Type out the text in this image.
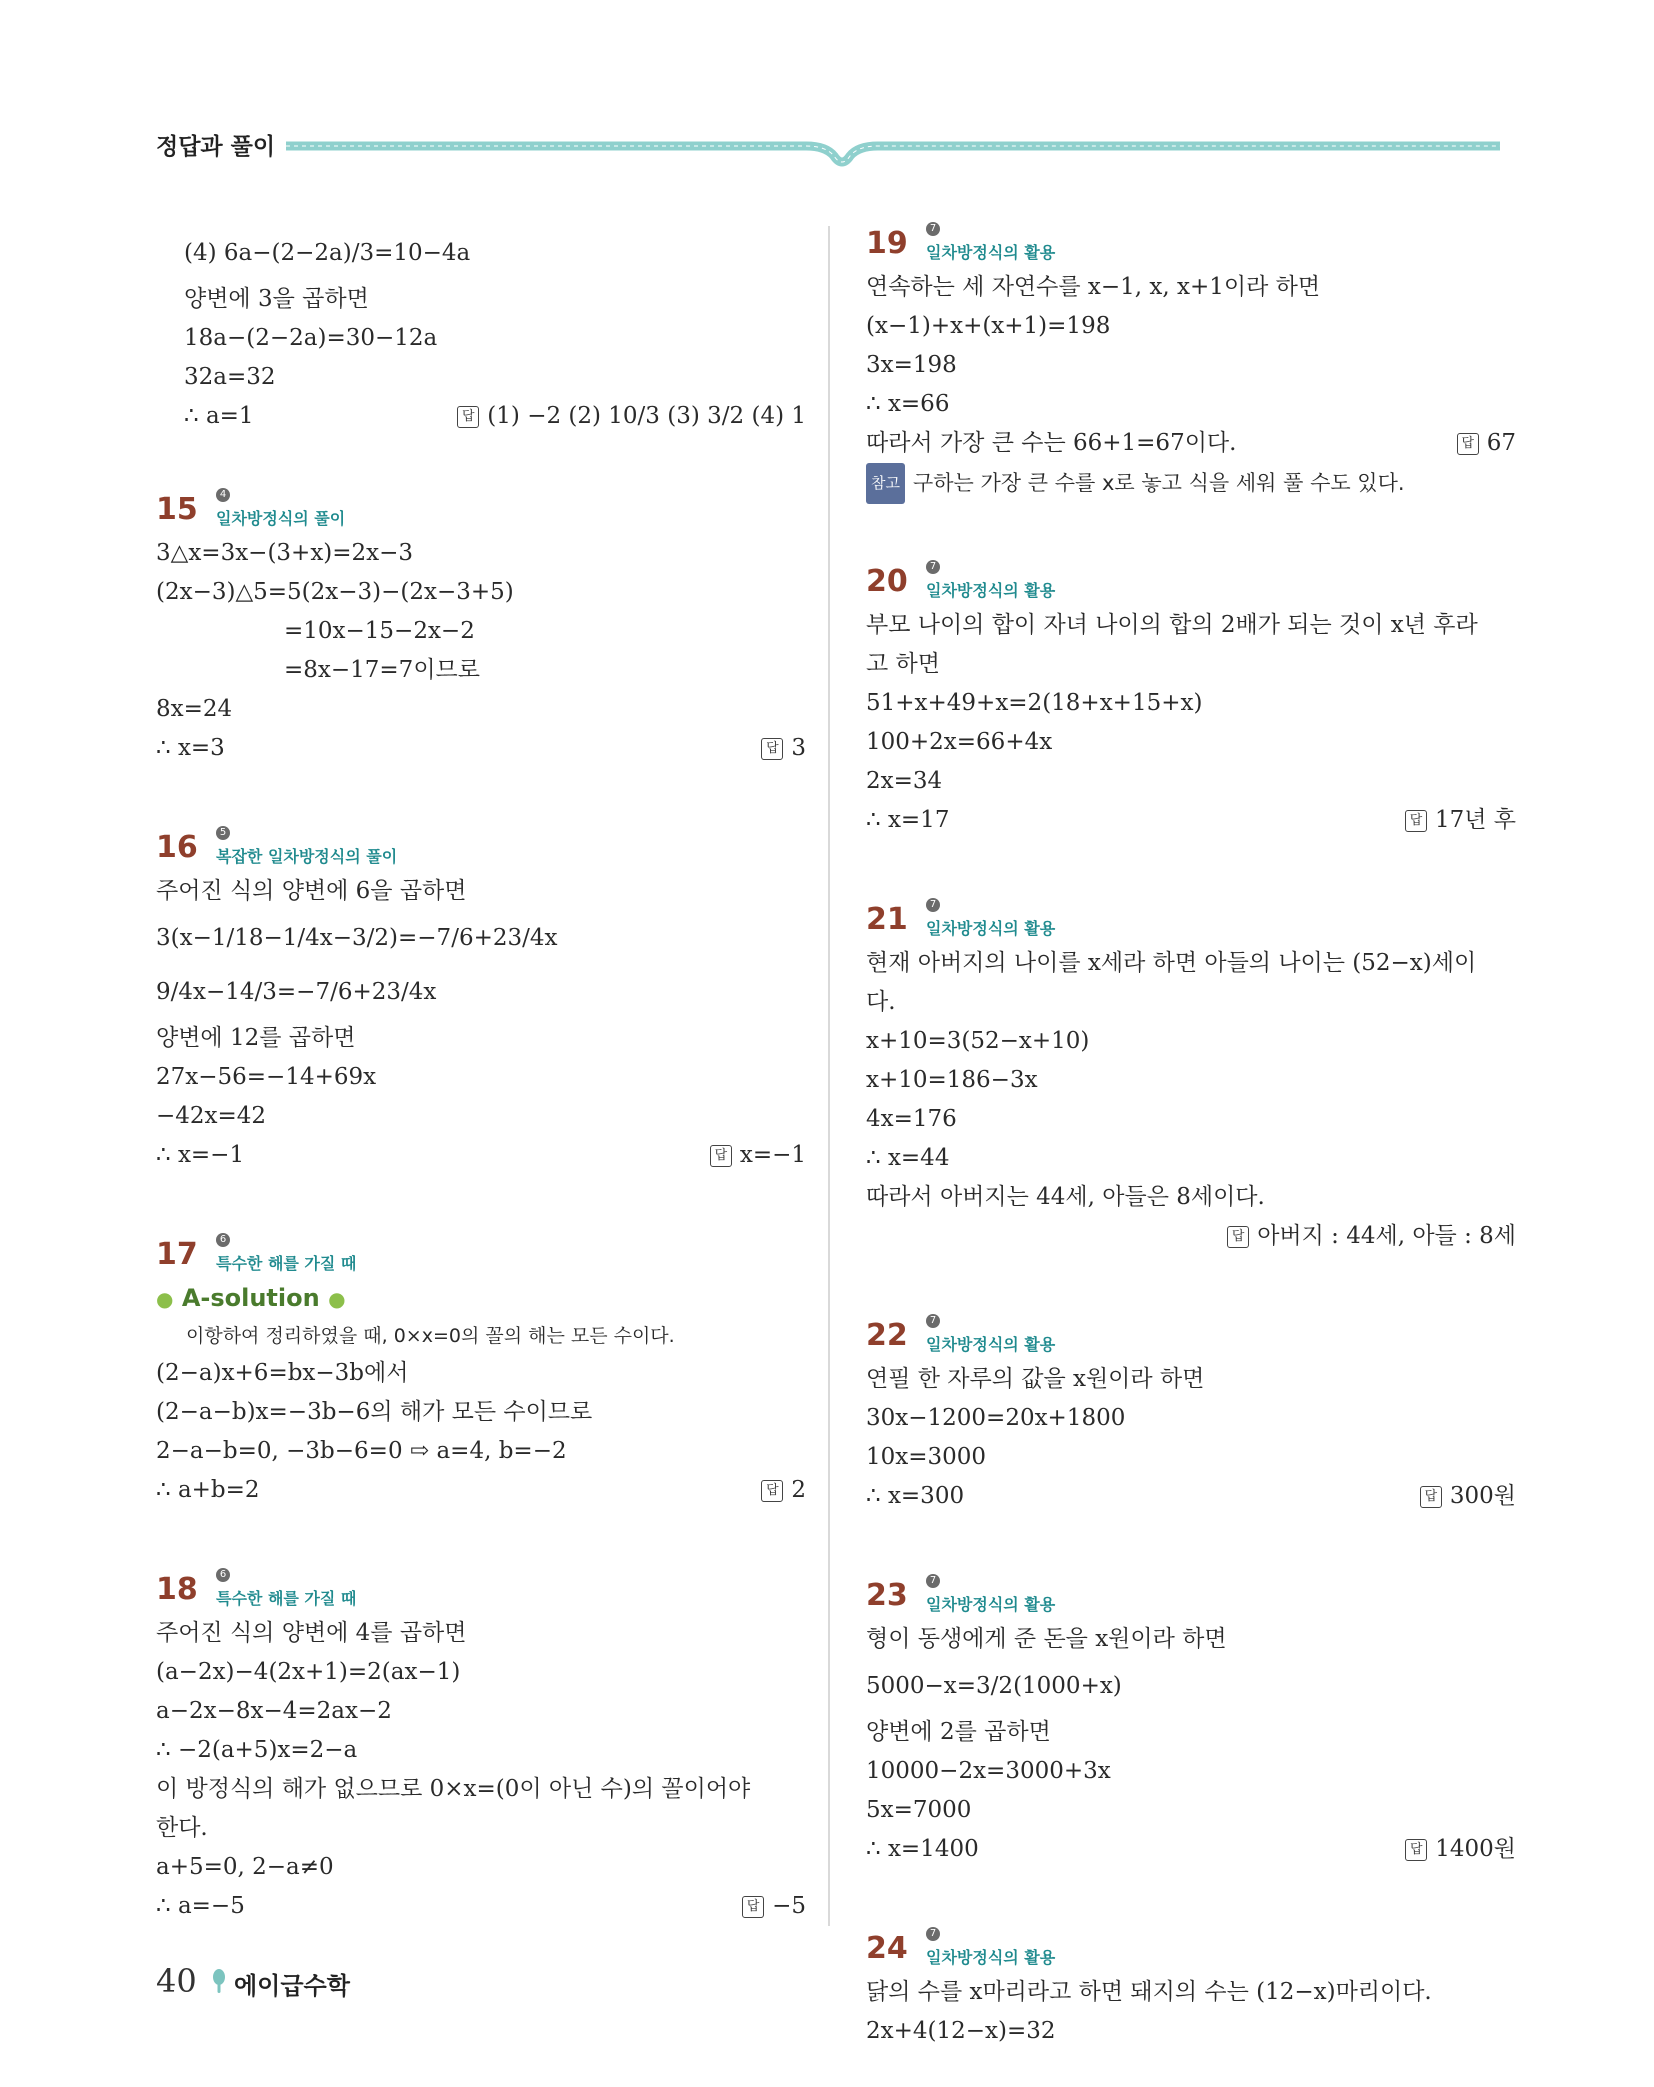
정답과 풀이
(4) 6a−(2−2a)/3=10−4a
양변에 3을 곱하면
18a−(2−2a)=30−12a
32a=32
∴ a=1	답 (1) −2 (2) 10/3 (3) 3/2 (4) 1
15	4
일차방정식의 풀이
3△x=3x−(3+x)=2x−3
(2x−3)△5=5(2x−3)−(2x−3+5)
=10x−15−2x−2
=8x−17=7이므로
8x=24
∴ x=3	답 3
16	5
복잡한 일차방정식의 풀이
주어진 식의 양변에 6을 곱하면
3(x−1/18−1/4x−3/2)=−7/6+23/4x
9/4x−14/3=−7/6+23/4x
양변에 12를 곱하면
27x−56=−14+69x
−42x=42
∴ x=−1	답 x=−1
17	6
특수한 해를 가질 때
● A-solution ●
이항하여 정리하였을 때, 0×x=0의 꼴의 해는 모든 수이다.
(2−a)x+6=bx−3b에서
(2−a−b)x=−3b−6의 해가 모든 수이므로
2−a−b=0, −3b−6=0 ⇨ a=4, b=−2
∴ a+b=2	답 2
18	6
특수한 해를 가질 때
주어진 식의 양변에 4를 곱하면
(a−2x)−4(2x+1)=2(ax−1)
a−2x−8x−4=2ax−2
∴ −2(a+5)x=2−a
이 방정식의 해가 없으므로 0×x=(0이 아닌 수)의 꼴이어야
한다.
a+5=0, 2−a≠0
∴ a=−5	답 −5
19	7
일차방정식의 활용
연속하는 세 자연수를 x−1, x, x+1이라 하면
(x−1)+x+(x+1)=198
3x=198
∴ x=66
따라서 가장 큰 수는 66+1=67이다.	답 67
참고 구하는 가장 큰 수를 x로 놓고 식을 세워 풀 수도 있다.
20	7
일차방정식의 활용
부모 나이의 합이 자녀 나이의 합의 2배가 되는 것이 x년 후라
고 하면
51+x+49+x=2(18+x+15+x)
100+2x=66+4x
2x=34
∴ x=17	답 17년 후
21	7
일차방정식의 활용
현재 아버지의 나이를 x세라 하면 아들의 나이는 (52−x)세이
다.
x+10=3(52−x+10)
x+10=186−3x
4x=176
∴ x=44
따라서 아버지는 44세, 아들은 8세이다.
답 아버지 : 44세, 아들 : 8세
22	7
일차방정식의 활용
연필 한 자루의 값을 x원이라 하면
30x−1200=20x+1800
10x=3000
∴ x=300	답 300원
23	7
일차방정식의 활용
형이 동생에게 준 돈을 x원이라 하면
5000−x=3/2(1000+x)
양변에 2를 곱하면
10000−2x=3000+3x
5x=7000
∴ x=1400	답 1400원
24	7
일차방정식의 활용
닭의 수를 x마리라고 하면 돼지의 수는 (12−x)마리이다.
2x+4(12−x)=32
40 에이급수학
